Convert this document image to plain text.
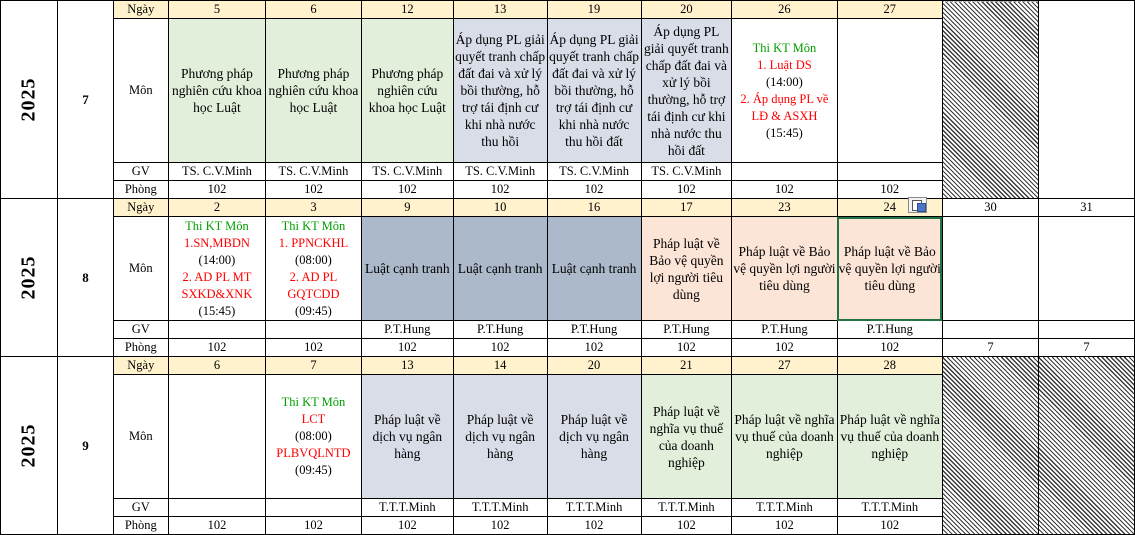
2025	7	Ngày	5	6	12	13	19	20	26	27		
		Môn	Phương pháp nghiên cứu khoa học Luật	Phương pháp nghiên cứu khoa học Luật	Phương pháp nghiên cứu khoa học Luật	Áp dụng PL giải quyết tranh chấp đất đai và xử lý bồi thường, hỗ trợ tái định cư khi nhà nước thu hồi	Áp dụng PL giải quyết tranh chấp đất đai và xử lý bồi thường, hỗ trợ tái định cư khi nhà nước thu hồi đất	Áp dụng PL giải quyết tranh chấp đất đai và xử lý bồi thường, hỗ trợ tái định cư khi nhà nước thu hồi đất	Thi KT Môn
1. Luật DS
(14:00)
2. Áp dụng PL về LĐ & ASXH
(15:45)			

		GV	TS. C.V.Minh	TS. C.V.Minh	TS. C.V.Minh	TS. C.V.Minh	TS. C.V.Minh	TS. C.V.Minh				
		Phòng	102	102	102	102	102	102	102	102		
2025	8	Ngày	2	3	9	10	16	17	23	24	30	31
		Môn	Thi KT Môn
1.SN,MBDN
(14:00)
2. AD PL MT SXKD&XNK
(15:45)	Thi KT Môn
1. PPNCKHL
(08:00)
2. AD PL GQTCDD
(09:45)	Luật cạnh tranh	Luật cạnh tranh	Luật cạnh tranh	Pháp luật về Bảo vệ quyền lợi người tiêu dùng	Pháp luật về Bảo vệ quyền lợi người tiêu dùng	Pháp luật về Bảo vệ quyền lợi người tiêu dùng		
		GV			P.T.Hung	P.T.Hung	P.T.Hung	P.T.Hung	P.T.Hung	P.T.Hung		
		Phòng	102	102	102	102	102	102	102	102	7	7
2025	9	Ngày	6	7	13	14	20	21	27	28		
		Môn		Thi KT Môn
LCT
(08:00)
PLBVQLNTD
(09:45)	Pháp luật về dịch vụ ngân hàng	Pháp luật về dịch vụ ngân hàng	Pháp luật về dịch vụ ngân hàng	Pháp luật về nghĩa vụ thuế của doanh nghiệp	Pháp luật về nghĩa vụ thuế của doanh nghiệp	Pháp luật về nghĩa vụ thuế của doanh nghiệp		
		GV			T.T.T.Minh	T.T.T.Minh	T.T.T.Minh	T.T.T.Minh	T.T.T.Minh	T.T.T.Minh		
		Phòng	102	102	102	102	102	102	102	102		
